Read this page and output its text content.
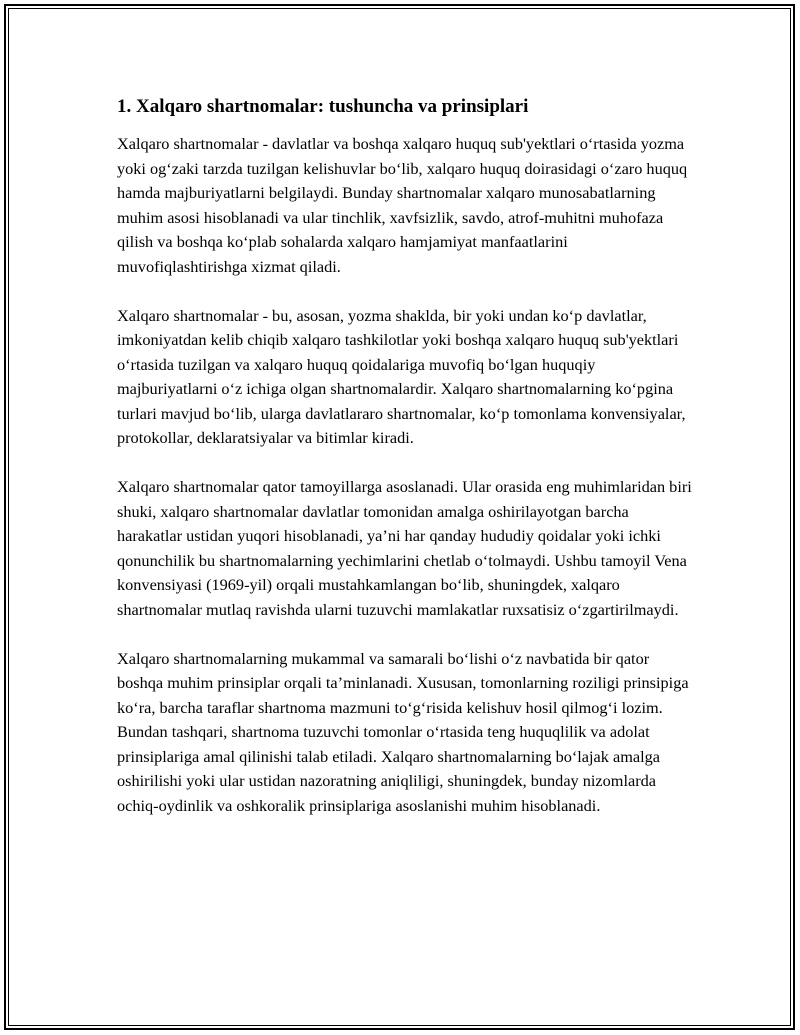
1. Xalqaro shartnomalar: tushuncha va prinsiplari

Xalqaro shartnomalar - davlatlar va boshqa xalqaro huquq sub'yektlari o‘rtasida yozma yoki og‘zaki tarzda tuzilgan kelishuvlar bo‘lib, xalqaro huquq doirasidagi o‘zaro huquq hamda majburiyatlarni belgilaydi. Bunday shartnomalar xalqaro munosabatlarning muhim asosi hisoblanadi va ular tinchlik, xavfsizlik, savdo, atrof-muhitni muhofaza qilish va boshqa ko‘plab sohalarda xalqaro hamjamiyat manfaatlarini muvofiqlashtirishga xizmat qiladi.

Xalqaro shartnomalar - bu, asosan, yozma shaklda, bir yoki undan ko‘p davlatlar, imkoniyatdan kelib chiqib xalqaro tashkilotlar yoki boshqa xalqaro huquq sub'yektlari o‘rtasida tuzilgan va xalqaro huquq qoidalariga muvofiq bo‘lgan huquqiy majburiyatlarni o‘z ichiga olgan shartnomalardir. Xalqaro shartnomalarning ko‘pgina turlari mavjud bo‘lib, ularga davlatlararo shartnomalar, ko‘p tomonlama konvensiyalar, protokollar, deklaratsiyalar va bitimlar kiradi.

Xalqaro shartnomalar qator tamoyillarga asoslanadi. Ular orasida eng muhimlaridan biri shuki, xalqaro shartnomalar davlatlar tomonidan amalga oshirilayotgan barcha harakatlar ustidan yuqori hisoblanadi, ya’ni har qanday hududiy qoidalar yoki ichki qonunchilik bu shartnomalarning yechimlarini chetlab o‘tolmaydi. Ushbu tamoyil Vena konvensiyasi (1969-yil) orqali mustahkamlangan bo‘lib, shuningdek, xalqaro shartnomalar mutlaq ravishda ularni tuzuvchi mamlakatlar ruxsatisiz o‘zgartirilmaydi.

Xalqaro shartnomalarning mukammal va samarali bo‘lishi o‘z navbatida bir qator boshqa muhim prinsiplar orqali ta’minlanadi. Xususan, tomonlarning roziligi prinsipiga ko‘ra, barcha taraflar shartnoma mazmuni to‘g‘risida kelishuv hosil qilmog‘i lozim. Bundan tashqari, shartnoma tuzuvchi tomonlar o‘rtasida teng huquqlilik va adolat prinsiplariga amal qilinishi talab etiladi. Xalqaro shartnomalarning bo‘lajak amalga oshirilishi yoki ular ustidan nazoratning aniqliligi, shuningdek, bunday nizomlarda ochiq-oydinlik va oshkoralik prinsiplariga asoslanishi muhim hisoblanadi.
